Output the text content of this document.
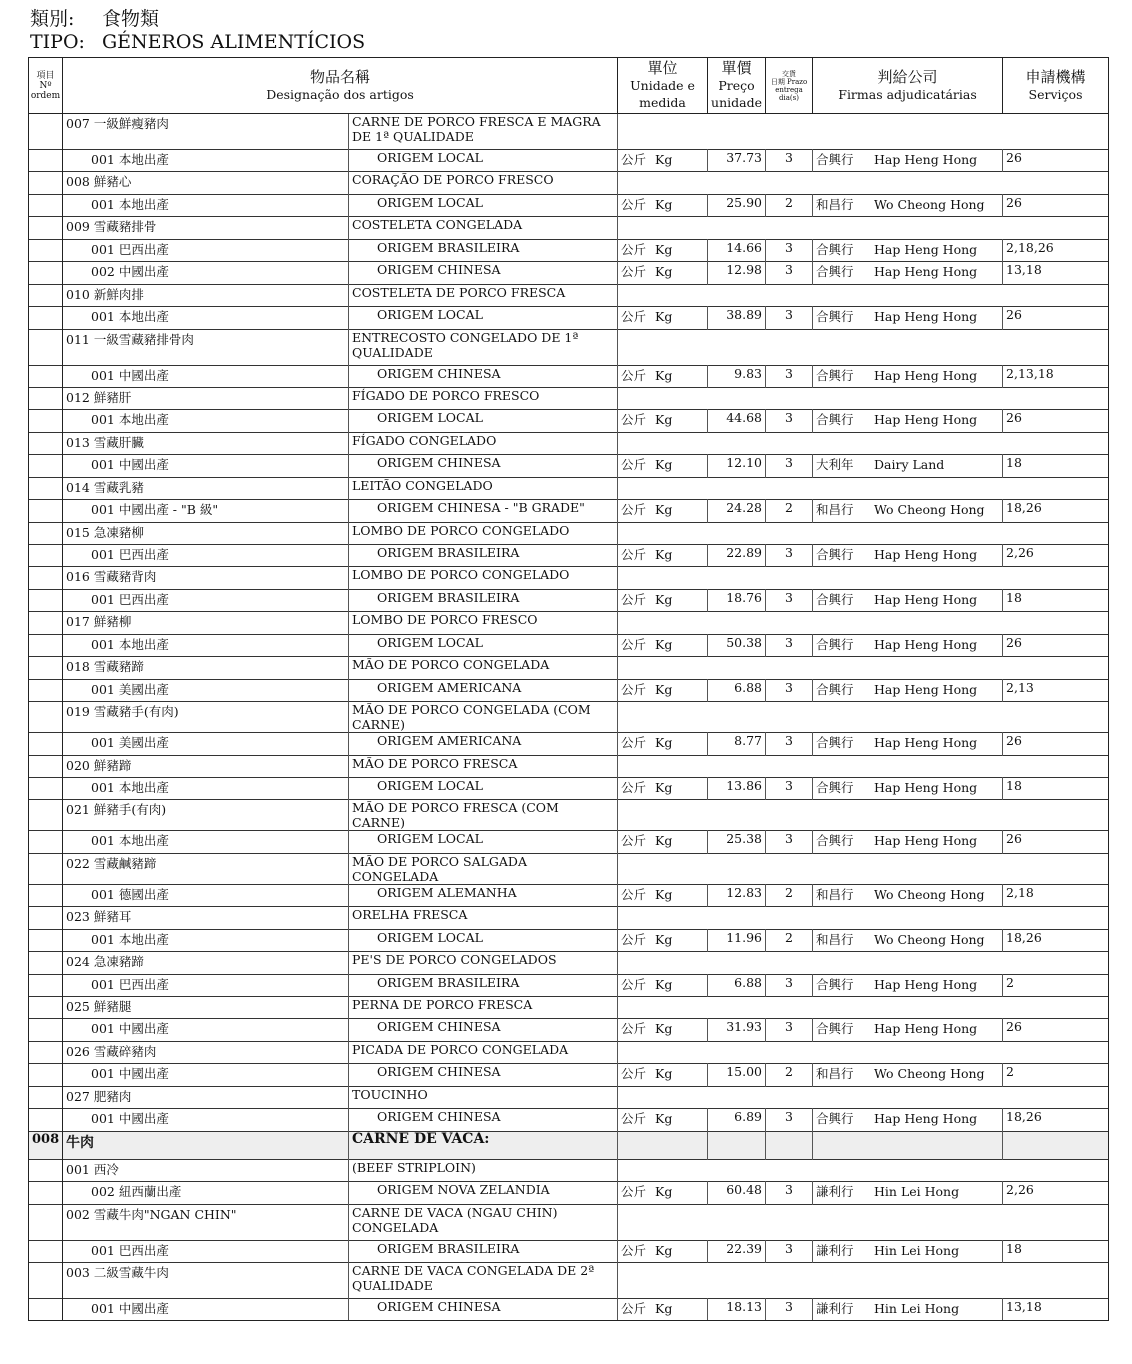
類別: 食物類
TIPO: GÉNEROS ALIMENTÍCIOS
項目
Nº
ordem	物品名稱
Designação dos artigos		單位
Unidade e
medida	單價
Preço
unidade	交貨
日期 Prazo
entrega
dia(s)	判給公司
Firmas adjudicatárias	申請機構
Serviços
	007 一級鮮瘦豬肉	CARNE DE PORCO FRESCA E MAGRA DE 1ª QUALIDADE					
	001 本地出產	ORIGEM LOCAL	公斤 Kg	37.73	3	合興行 Hap Heng Hong	26
	008 鮮豬心	CORAÇÃO DE PORCO FRESCO					
	001 本地出產	ORIGEM LOCAL	公斤 Kg	25.90	2	和昌行 Wo Cheong Hong	26
	009 雪藏豬排骨	COSTELETA CONGELADA					
	001 巴西出產	ORIGEM BRASILEIRA	公斤 Kg	14.66	3	合興行 Hap Heng Hong	2,18,26
	002 中國出產	ORIGEM CHINESA	公斤 Kg	12.98	3	合興行 Hap Heng Hong	13,18
	010 新鮮肉排	COSTELETA DE PORCO FRESCA					
	001 本地出產	ORIGEM LOCAL	公斤 Kg	38.89	3	合興行 Hap Heng Hong	26
	011 一級雪藏豬排骨肉	ENTRECOSTO CONGELADO DE 1ª QUALIDADE					
	001 中國出產	ORIGEM CHINESA	公斤 Kg	9.83	3	合興行 Hap Heng Hong	2,13,18
	012 鮮豬肝	FÍGADO DE PORCO FRESCO					
	001 本地出產	ORIGEM LOCAL	公斤 Kg	44.68	3	合興行 Hap Heng Hong	26
	013 雪藏肝臟	FÍGADO CONGELADO					
	001 中國出產	ORIGEM CHINESA	公斤 Kg	12.10	3	大利年 Dairy Land	18
	014 雪藏乳豬	LEITÃO CONGELADO					
	001 中國出產 - "B 級"	ORIGEM CHINESA - "B GRADE"	公斤 Kg	24.28	2	和昌行 Wo Cheong Hong	18,26
	015 急凍豬柳	LOMBO DE PORCO CONGELADO					
	001 巴西出產	ORIGEM BRASILEIRA	公斤 Kg	22.89	3	合興行 Hap Heng Hong	2,26
	016 雪藏豬背肉	LOMBO DE PORCO CONGELADO					
	001 巴西出產	ORIGEM BRASILEIRA	公斤 Kg	18.76	3	合興行 Hap Heng Hong	18
	017 鮮豬柳	LOMBO DE PORCO FRESCO					
	001 本地出產	ORIGEM LOCAL	公斤 Kg	50.38	3	合興行 Hap Heng Hong	26
	018 雪藏豬蹄	MÃO DE PORCO CONGELADA					
	001 美國出產	ORIGEM AMERICANA	公斤 Kg	6.88	3	合興行 Hap Heng Hong	2,13
	019 雪藏豬手(有肉)	MÃO DE PORCO CONGELADA (COM CARNE)					
	001 美國出產	ORIGEM AMERICANA	公斤 Kg	8.77	3	合興行 Hap Heng Hong	26
	020 鮮豬蹄	MÃO DE PORCO FRESCA					
	001 本地出產	ORIGEM LOCAL	公斤 Kg	13.86	3	合興行 Hap Heng Hong	18
	021 鮮豬手(有肉)	MÃO DE PORCO FRESCA (COM CARNE)					
	001 本地出產	ORIGEM LOCAL	公斤 Kg	25.38	3	合興行 Hap Heng Hong	26
	022 雪藏鹹豬蹄	MÃO DE PORCO SALGADA CONGELADA					
	001 德國出產	ORIGEM ALEMANHA	公斤 Kg	12.83	2	和昌行 Wo Cheong Hong	2,18
	023 鮮豬耳	ORELHA FRESCA					
	001 本地出產	ORIGEM LOCAL	公斤 Kg	11.96	2	和昌行 Wo Cheong Hong	18,26
	024 急凍豬蹄	PE'S DE PORCO CONGELADOS					
	001 巴西出產	ORIGEM BRASILEIRA	公斤 Kg	6.88	3	合興行 Hap Heng Hong	2
	025 鮮豬腿	PERNA DE PORCO FRESCA					
	001 中國出產	ORIGEM CHINESA	公斤 Kg	31.93	3	合興行 Hap Heng Hong	26
	026 雪藏碎豬肉	PICADA DE PORCO CONGELADA					
	001 中國出產	ORIGEM CHINESA	公斤 Kg	15.00	2	和昌行 Wo Cheong Hong	2
	027 肥豬肉	TOUCINHO					
	001 中國出產	ORIGEM CHINESA	公斤 Kg	6.89	3	合興行 Hap Heng Hong	18,26
008	牛肉	CARNE DE VACA:					
	001 西冷	(BEEF STRIPLOIN)					
	002 紐西蘭出產	ORIGEM NOVA ZELANDIA	公斤 Kg	60.48	3	謙利行 Hin Lei Hong	2,26
	002 雪藏牛肉"NGAN CHIN"	CARNE DE VACA (NGAU CHIN) CONGELADA					
	001 巴西出產	ORIGEM BRASILEIRA	公斤 Kg	22.39	3	謙利行 Hin Lei Hong	18
	003 二級雪藏牛肉	CARNE DE VACA CONGELADA DE 2ª QUALIDADE					
	001 中國出產	ORIGEM CHINESA	公斤 Kg	18.13	3	謙利行 Hin Lei Hong	13,18
